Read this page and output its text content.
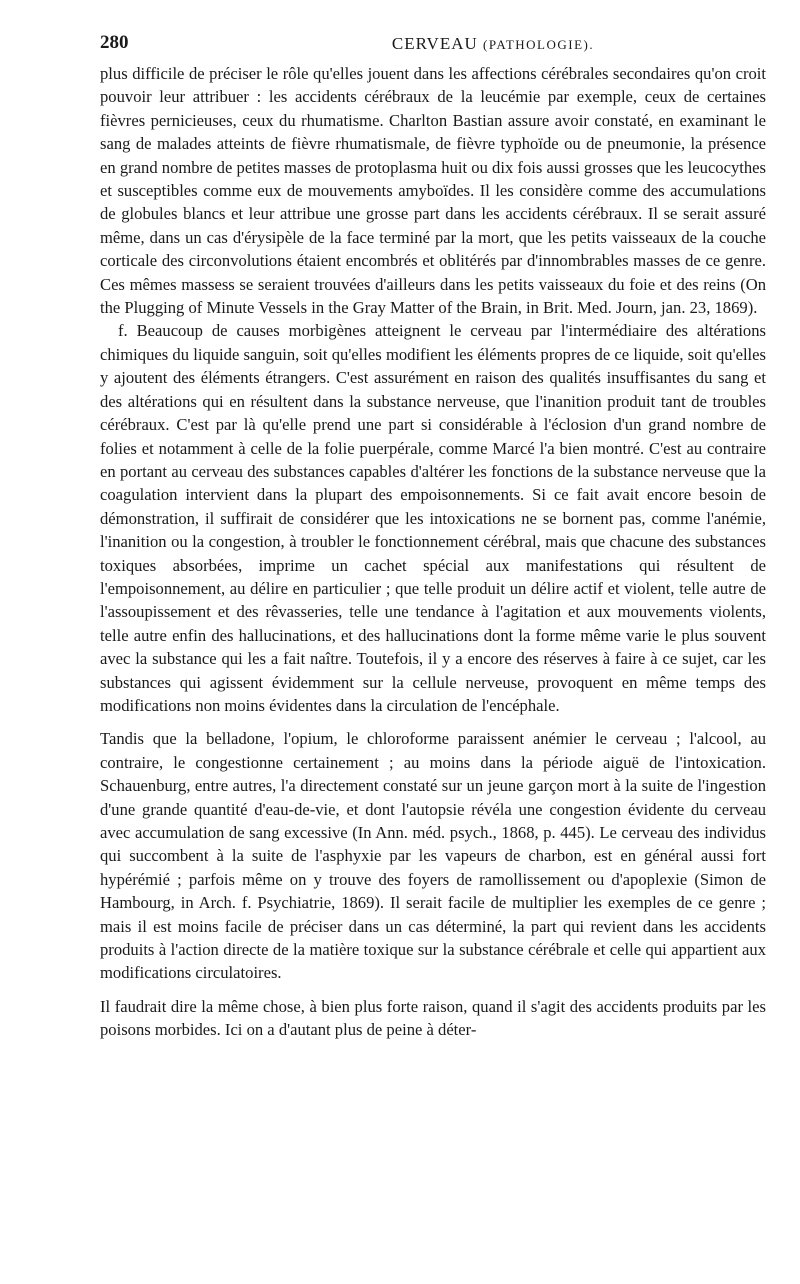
280	CERVEAU (PATHOLOGIE).

plus difficile de préciser le rôle qu'elles jouent dans les affections cérébrales secondaires qu'on croit pouvoir leur attribuer : les accidents cérébraux de la leucémie par exemple, ceux de certaines fièvres pernicieuses, ceux du rhumatisme. Charlton Bastian assure avoir constaté, en examinant le sang de malades atteints de fièvre rhumatismale, de fièvre typhoïde ou de pneumonie, la présence en grand nombre de petites masses de protoplasma huit ou dix fois aussi grosses que les leucocythes et susceptibles comme eux de mouvements amyboïdes. Il les considère comme des accumulations de globules blancs et leur attribue une grosse part dans les accidents cérébraux. Il se serait assuré même, dans un cas d'érysipèle de la face terminé par la mort, que les petits vaisseaux de la couche corticale des circonvolutions étaient encombrés et oblitérés par d'innombrables masses de ce genre. Ces mêmes massess se seraient trouvées d'ailleurs dans les petits vaisseaux du foie et des reins (On the Plugging of Minute Vessels in the Gray Matter of the Brain, in Brit. Med. Journ, jan. 23, 1869).

f. Beaucoup de causes morbigènes atteignent le cerveau par l'intermédiaire des altérations chimiques du liquide sanguin, soit qu'elles modifient les éléments propres de ce liquide, soit qu'elles y ajoutent des éléments étrangers. C'est assurément en raison des qualités insuffisantes du sang et des altérations qui en résultent dans la substance nerveuse, que l'inanition produit tant de troubles cérébraux. C'est par là qu'elle prend une part si considérable à l'éclosion d'un grand nombre de folies et notamment à celle de la folie puerpérale, comme Marcé l'a bien montré. C'est au contraire en portant au cerveau des substances capables d'altérer les fonctions de la substance nerveuse que la coagulation intervient dans la plupart des empoisonnements. Si ce fait avait encore besoin de démonstration, il suffirait de considérer que les intoxications ne se bornent pas, comme l'anémie, l'inanition ou la congestion, à troubler le fonctionnement cérébral, mais que chacune des substances toxiques absorbées, imprime un cachet spécial aux manifestations qui résultent de l'empoisonnement, au délire en particulier ; que telle produit un délire actif et violent, telle autre de l'assoupissement et des rêvasseries, telle une tendance à l'agitation et aux mouvements violents, telle autre enfin des hallucinations, et des hallucinations dont la forme même varie le plus souvent avec la substance qui les a fait naître. Toutefois, il y a encore des réserves à faire à ce sujet, car les substances qui agissent évidemment sur la cellule nerveuse, provoquent en même temps des modifications non moins évidentes dans la circulation de l'encéphale.

Tandis que la belladone, l'opium, le chloroforme paraissent anémier le cerveau ; l'alcool, au contraire, le congestionne certainement ; au moins dans la période aiguë de l'intoxication. Schauenburg, entre autres, l'a directement constaté sur un jeune garçon mort à la suite de l'ingestion d'une grande quantité d'eau-de-vie, et dont l'autopsie révéla une congestion évidente du cerveau avec accumulation de sang excessive (In Ann. méd. psych., 1868, p. 445). Le cerveau des individus qui succombent à la suite de l'asphyxie par les vapeurs de charbon, est en général aussi fort hypérémié ; parfois même on y trouve des foyers de ramollissement ou d'apoplexie (Simon de Hambourg, in Arch. f. Psychiatrie, 1869). Il serait facile de multiplier les exemples de ce genre ; mais il est moins facile de préciser dans un cas déterminé, la part qui revient dans les accidents produits à l'action directe de la matière toxique sur la substance cérébrale et celle qui appartient aux modifications circulatoires.

Il faudrait dire la même chose, à bien plus forte raison, quand il s'agit des accidents produits par les poisons morbides. Ici on a d'autant plus de peine à déter-
